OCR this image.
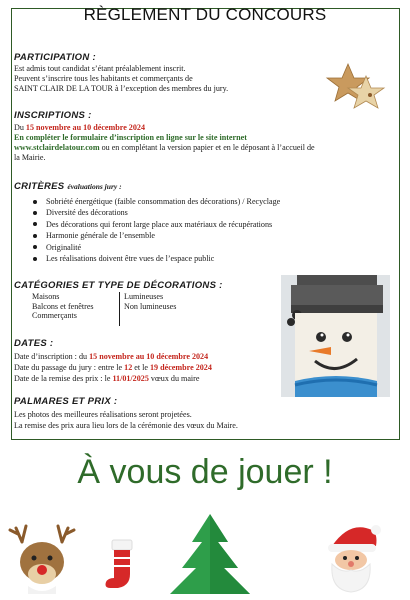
RÈGLEMENT DU CONCOURS
PARTICIPATION :
Est admis tout candidat s’étant préalablement inscrit.
Peuvent s’inscrire tous les habitants et commerçants de
SAINT CLAIR DE LA TOUR à l’exception des membres du jury.
INSCRIPTIONS :
Du 15 novembre au 10 décembre 2024
En compléter le formulaire d’inscription en ligne sur le site internet
www.stclairdelatour.com ou en complétant la version papier et en le déposant à l’accueil de
la Mairie.
CRITÈRES évaluations jury :
Sobriété énergétique (faible consommation des décorations) / Recyclage
Diversité des décorations
Des décorations qui feront large place aux matériaux de récupérations
Harmonie générale de l’ensemble
Originalité
Les réalisations doivent être vues de l’espace public
CATÉGORIES ET TYPE DE DÉCORATIONS :
Maisons
Balcons et fenêtres
Commerçants
Lumineuses
Non lumineuses
DATES :
Date d’inscription : du 15 novembre au 10 décembre 2024
Date du passage du jury : entre le 12 et le 19 décembre 2024
Date de la remise des prix : le 11/01/2025 vœux du maire
PALMARES ET PRIX :
Les photos des meilleures réalisations seront projetées.
La remise des prix aura lieu lors de la cérémonie des vœux du Maire.
À vous de jouer !
